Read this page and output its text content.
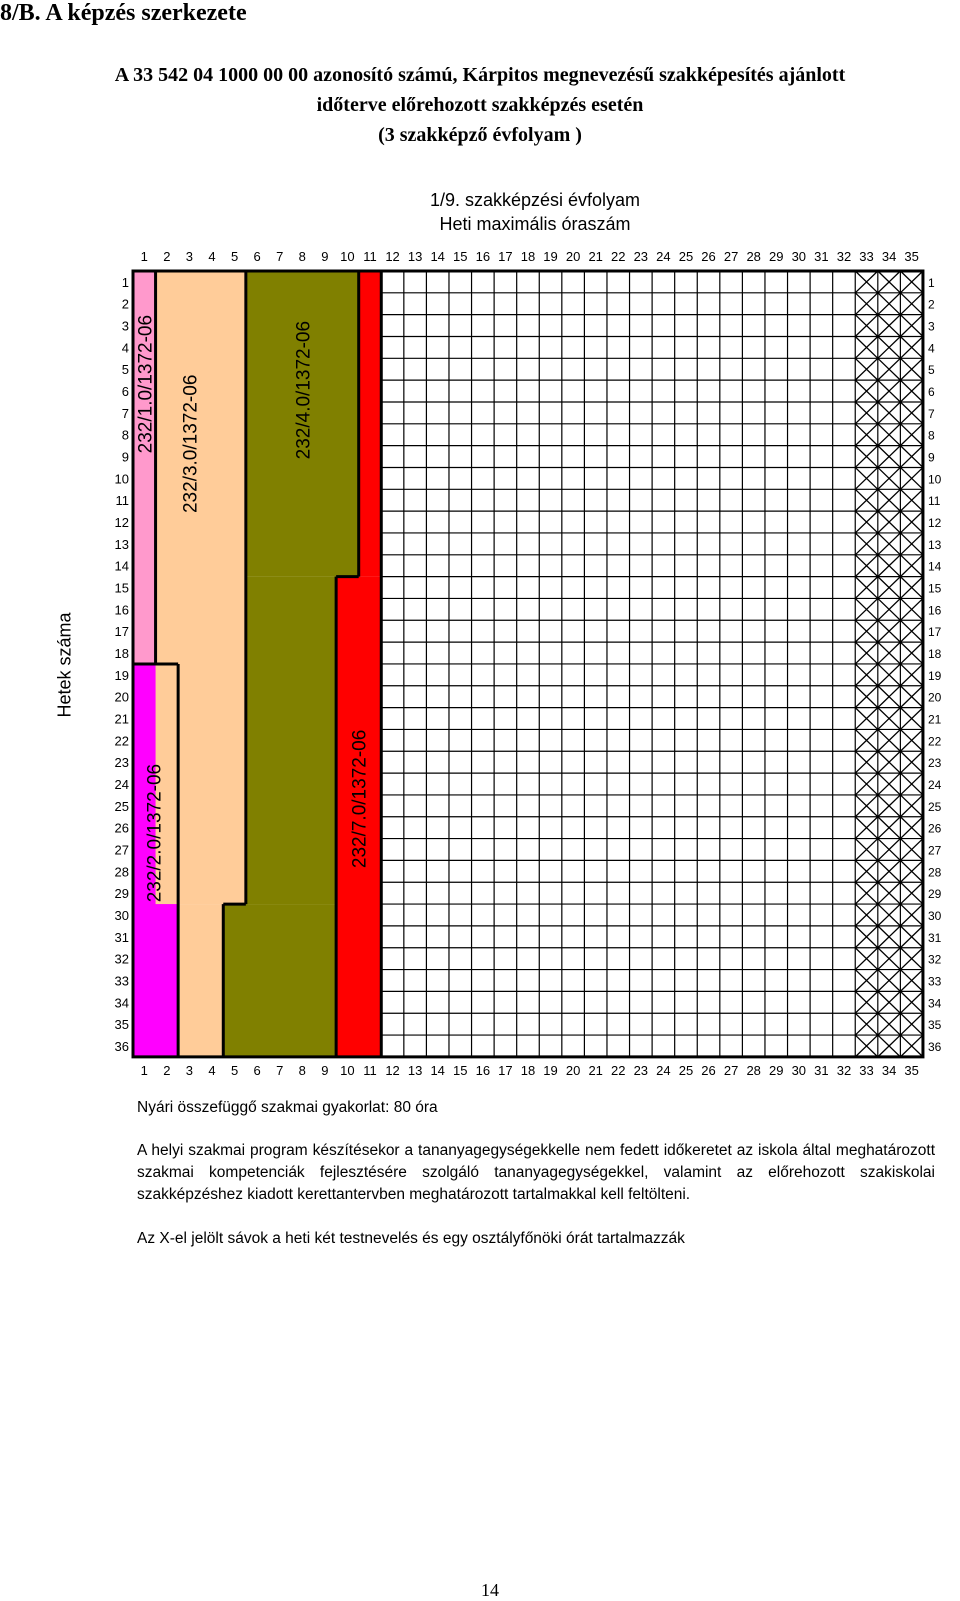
8/B. A képzés szerkezete
A 33 542 04 1000 00 00 azonosító számú, Kárpitos megnevezésű szakképesítés ajánlott
időterve előrehozott szakképzés esetén
(3 szakképző évfolyam )
1/9. szakképzési évfolyam
Heti maximális óraszám
Hetek száma
232/1.0/1372-06
232/2.0/1372-06
232/3.0/1372-06	232/4.0/1372-06
232/7.0/1372-06
1
1
2
2
3
3
4
4
5
5
6
6
7
7
8
8
9
9
10
10
11
11
12
12
13
13
14
14
15
15
16
16
17
17
18
18
19
19
20
20
21
21
22
22
23
23
24
24
25
25
26
26
27
27
28
28
29
29
30
30
31
31
32
32
33
33
34
34
35
35
1	1
2	2
3	3
4	4
5	5
6	6
7	7
8	8
9	9
10	10
11	11
12	12
13	13
14	14
15	15
16	16
17	17
18	18
19	19
20	20
21	21
22	22
23	23
24	24
25	25
26	26
27	27
28	28
29	29
30	30
31	31
32	32
33	33
34	34
35	35
36	36
Nyári összefüggő szakmai gyakorlat: 80 óra
A helyi szakmai program készítésekor a tananyagegységekkelle nem fedett időkeretet az iskola által meghatározott szakmai kompetenciák fejlesztésére szolgáló tananyagegységekkel, valamint az előrehozott szakiskolai szakképzéshez kiadott kerettantervben meghatározott tartalmakkal kell feltölteni.
Az X-el jelölt sávok a heti két testnevelés és egy osztályfőnöki órát tartalmazzák
14
